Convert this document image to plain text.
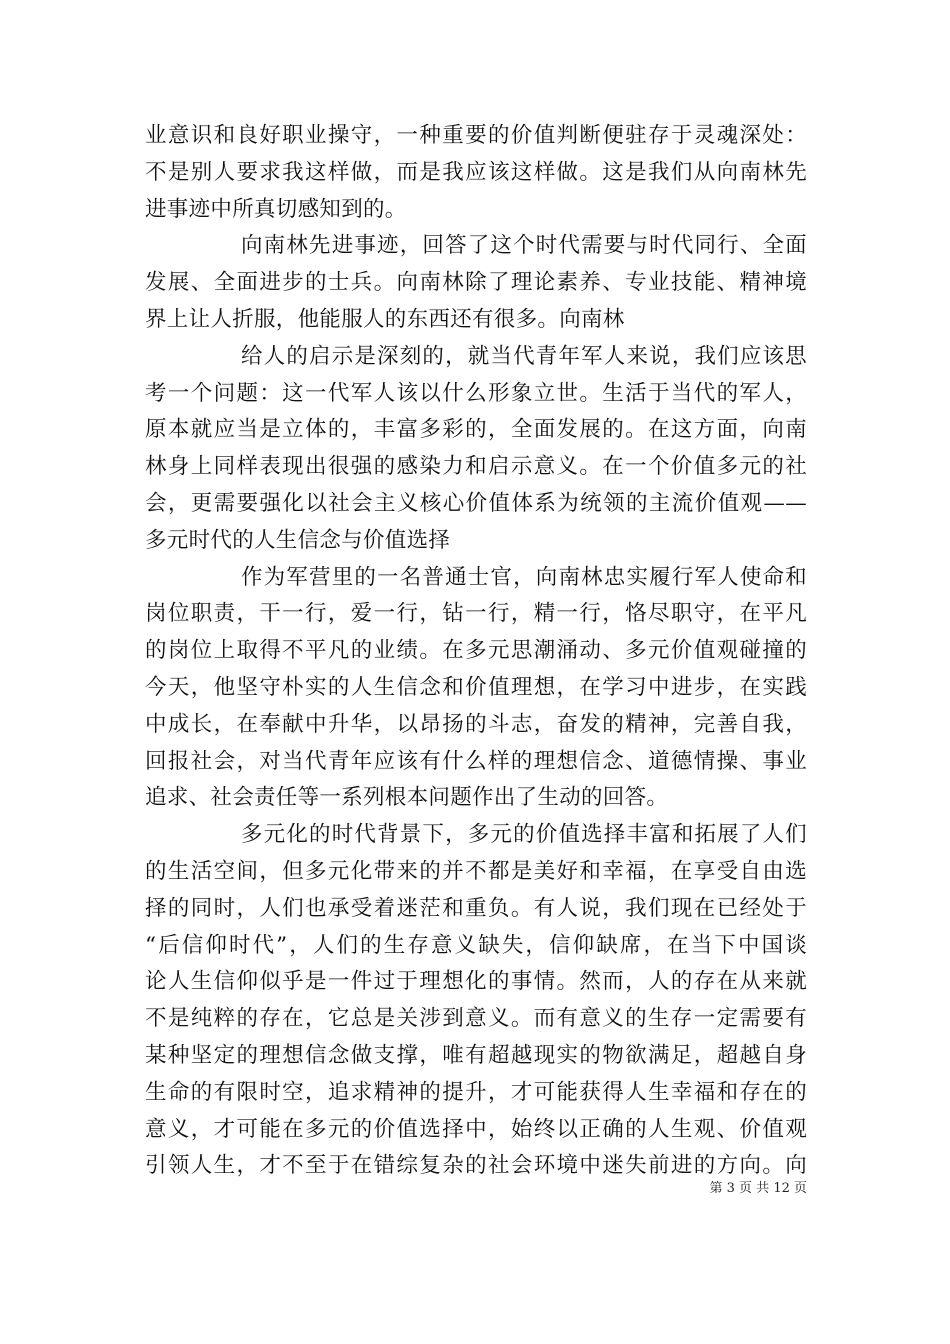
业意识和良好职业操守，一种重要的价值判断便驻存于灵魂深处：
不是别人要求我这样做，而是我应该这样做。这是我们从向南林先
进事迹中所真切感知到的。
向南林先进事迹，回答了这个时代需要与时代同行、全面
发展、全面进步的士兵。向南林除了理论素养、专业技能、精神境
界上让人折服，他能服人的东西还有很多。向南林
给人的启示是深刻的，就当代青年军人来说，我们应该思
考一个问题：这一代军人该以什么形象立世。生活于当代的军人，
原本就应当是立体的，丰富多彩的，全面发展的。在这方面，向南
林身上同样表现出很强的感染力和启示意义。在一个价值多元的社
会，更需要强化以社会主义核心价值体系为统领的主流价值观——
多元时代的人生信念与价值选择
作为军营里的一名普通士官，向南林忠实履行军人使命和
岗位职责，干一行，爱一行，钻一行，精一行，恪尽职守，在平凡
的岗位上取得不平凡的业绩。在多元思潮涌动、多元价值观碰撞的
今天，他坚守朴实的人生信念和价值理想，在学习中进步，在实践
中成长，在奉献中升华，以昂扬的斗志，奋发的精神，完善自我，
回报社会，对当代青年应该有什么样的理想信念、道德情操、事业
追求、社会责任等一系列根本问题作出了生动的回答。
多元化的时代背景下，多元的价值选择丰富和拓展了人们
的生活空间，但多元化带来的并不都是美好和幸福，在享受自由选
择的同时，人们也承受着迷茫和重负。有人说，我们现在已经处于
“后信仰时代”，人们的生存意义缺失，信仰缺席，在当下中国谈
论人生信仰似乎是一件过于理想化的事情。然而，人的存在从来就
不是纯粹的存在，它总是关涉到意义。而有意义的生存一定需要有
某种坚定的理想信念做支撑，唯有超越现实的物欲满足，超越自身
生命的有限时空，追求精神的提升，才可能获得人生幸福和存在的
意义，才可能在多元的价值选择中，始终以正确的人生观、价值观
引领人生，才不至于在错综复杂的社会环境中迷失前进的方向。向
第 3 页 共 12 页
